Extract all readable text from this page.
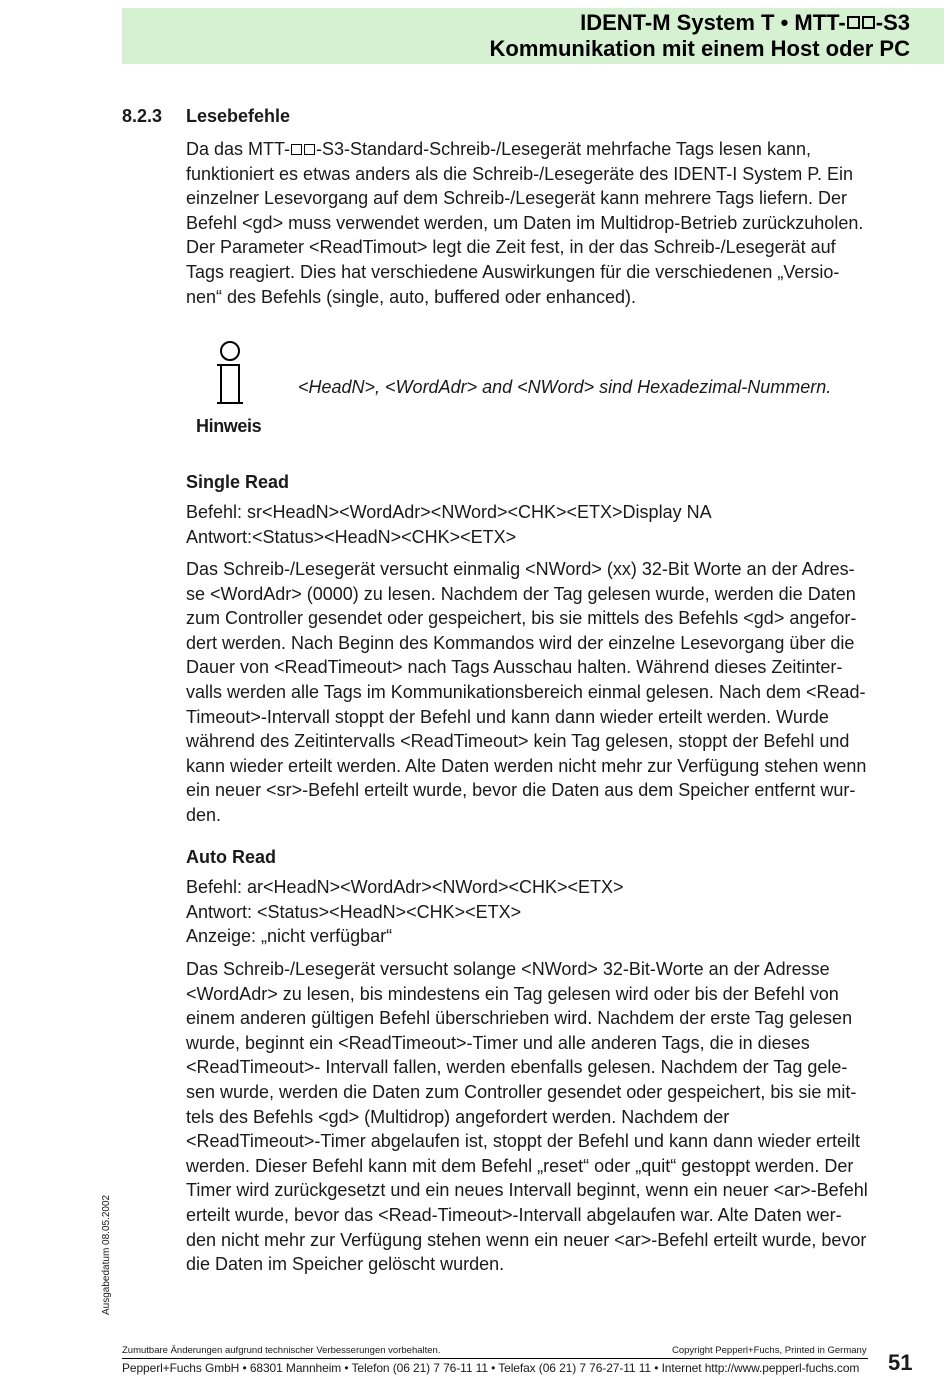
IDENT-M System T • MTT- -S3
Kommunikation mit einem Host oder PC
8.2.3 Lesebefehle
Da das MTT- -S3-Standard-Schreib-/Lesegerät mehrfache Tags lesen kann,
funktioniert es etwas anders als die Schreib-/Lesegeräte des IDENT-I System P. Ein
einzelner Lesevorgang auf dem Schreib-/Lesegerät kann mehrere Tags liefern. Der
Befehl <gd> muss verwendet werden, um Daten im Multidrop-Betrieb zurückzuholen.
Der Parameter <ReadTimout> legt die Zeit fest, in der das Schreib-/Lesegerät auf
Tags reagiert. Dies hat verschiedene Auswirkungen für die verschiedenen „Versio-
nen“ des Befehls (single, auto, buffered oder enhanced).
Hinweis
<HeadN>, <WordAdr> and <NWord> sind Hexadezimal-Nummern.
Single Read
Befehl: sr<HeadN><WordAdr><NWord><CHK><ETX>Display NA
Antwort:<Status><HeadN><CHK><ETX>
Das Schreib-/Lesegerät versucht einmalig <NWord> (xx) 32-Bit Worte an der Adres-
se <WordAdr> (0000) zu lesen. Nachdem der Tag gelesen wurde, werden die Daten
zum Controller gesendet oder gespeichert, bis sie mittels des Befehls <gd> angefor-
dert werden. Nach Beginn des Kommandos wird der einzelne Lesevorgang über die
Dauer von <ReadTimeout> nach Tags Ausschau halten. Während dieses Zeitinter-
valls werden alle Tags im Kommunikationsbereich einmal gelesen. Nach dem <Read-
Timeout>-Intervall stoppt der Befehl und kann dann wieder erteilt werden. Wurde
während des Zeitintervalls <ReadTimeout> kein Tag gelesen, stoppt der Befehl und
kann wieder erteilt werden. Alte Daten werden nicht mehr zur Verfügung stehen wenn
ein neuer <sr>-Befehl erteilt wurde, bevor die Daten aus dem Speicher entfernt wur-
den.
Auto Read
Befehl: ar<HeadN><WordAdr><NWord><CHK><ETX>
Antwort: <Status><HeadN><CHK><ETX>
Anzeige: „nicht verfügbar“
Das Schreib-/Lesegerät versucht solange <NWord> 32-Bit-Worte an der Adresse
<WordAdr> zu lesen, bis mindestens ein Tag gelesen wird oder bis der Befehl von
einem anderen gültigen Befehl überschrieben wird. Nachdem der erste Tag gelesen
wurde, beginnt ein <ReadTimeout>-Timer und alle anderen Tags, die in dieses
<ReadTimeout>- Intervall fallen, werden ebenfalls gelesen. Nachdem der Tag gele-
sen wurde, werden die Daten zum Controller gesendet oder gespeichert, bis sie mit-
tels des Befehls <gd> (Multidrop) angefordert werden. Nachdem der
<ReadTimeout>-Timer abgelaufen ist, stoppt der Befehl und kann dann wieder erteilt
werden. Dieser Befehl kann mit dem Befehl „reset“ oder „quit“ gestoppt werden. Der
Timer wird zurückgesetzt und ein neues Intervall beginnt, wenn ein neuer <ar>-Befehl
erteilt wurde, bevor das <Read-Timeout>-Intervall abgelaufen war. Alte Daten wer-
den nicht mehr zur Verfügung stehen wenn ein neuer <ar>-Befehl erteilt wurde, bevor
die Daten im Speicher gelöscht wurden.
Ausgabedatum 08.05.2002
Zumutbare Änderungen aufgrund technischer Verbesserungen vorbehalten.	Copyright Pepperl+Fuchs, Printed in Germany
Pepperl+Fuchs GmbH • 68301 Mannheim • Telefon (06 21) 7 76-11 11 • Telefax (06 21) 7 76-27-11 11 • Internet http://www.pepperl-fuchs.com 51
